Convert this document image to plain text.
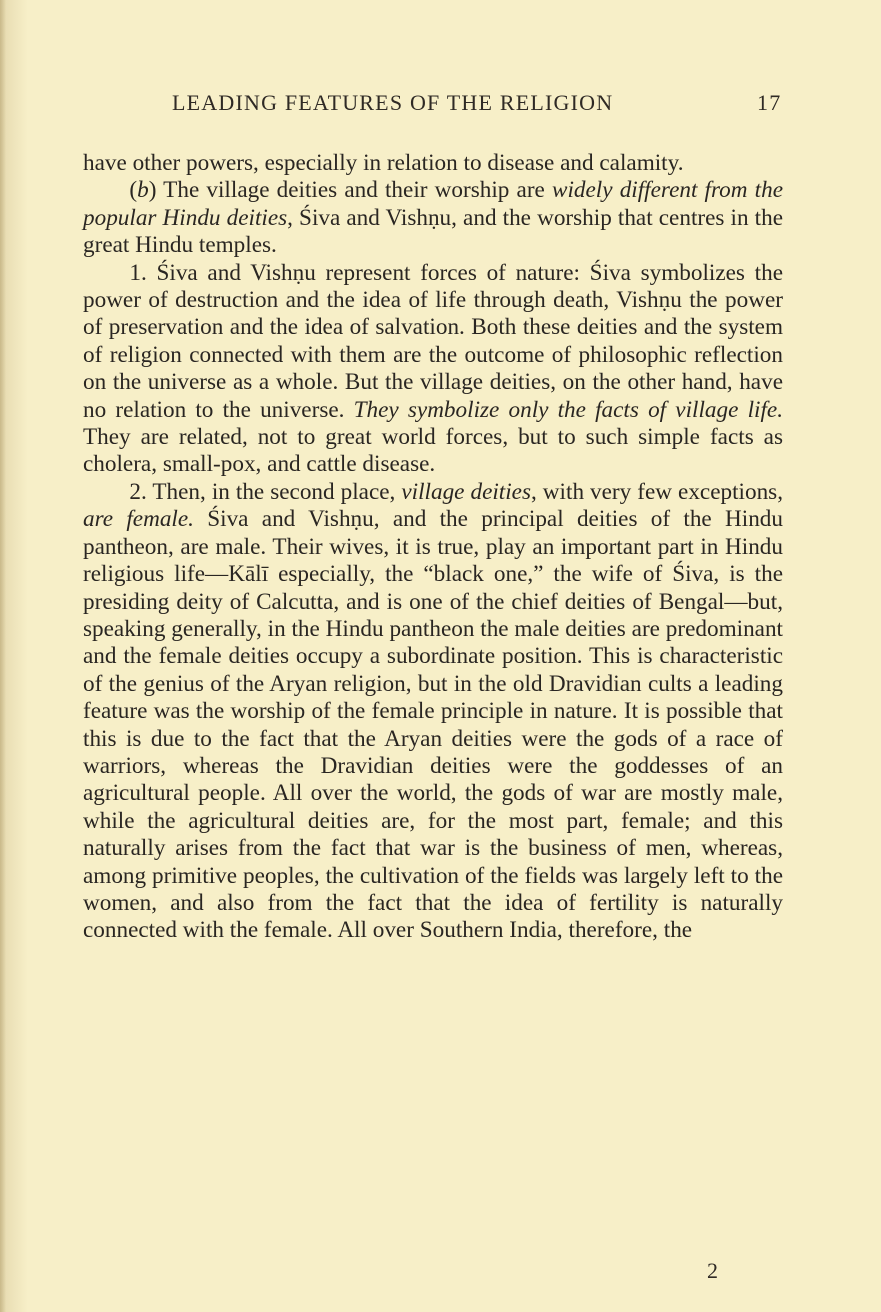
LEADING FEATURES OF THE RELIGION	17

have other powers, especially in relation to disease and calamity.

(b) The village deities and their worship are widely different from the popular Hindu deities, Śiva and Vishṇu, and the worship that centres in the great Hindu temples.

1. Śiva and Vishṇu represent forces of nature: Śiva symbolizes the power of destruction and the idea of life through death, Vishṇu the power of preservation and the idea of salvation. Both these deities and the system of religion connected with them are the outcome of philosophic reflection on the universe as a whole. But the village deities, on the other hand, have no relation to the universe. They symbolize only the facts of village life. They are related, not to great world forces, but to such simple facts as cholera, small-pox, and cattle disease.

2. Then, in the second place, village deities, with very few exceptions, are female. Śiva and Vishṇu, and the principal deities of the Hindu pantheon, are male. Their wives, it is true, play an important part in Hindu religious life—Kālī especially, the “black one,” the wife of Śiva, is the presiding deity of Calcutta, and is one of the chief deities of Bengal—but, speaking generally, in the Hindu pantheon the male deities are predominant and the female deities occupy a subordinate position. This is characteristic of the genius of the Aryan religion, but in the old Dravidian cults a leading feature was the worship of the female principle in nature. It is possible that this is due to the fact that the Aryan deities were the gods of a race of warriors, whereas the Dravidian deities were the goddesses of an agricultural people. All over the world, the gods of war are mostly male, while the agricultural deities are, for the most part, female; and this naturally arises from the fact that war is the business of men, whereas, among primitive peoples, the cultivation of the fields was largely left to the women, and also from the fact that the idea of fertility is naturally connected with the female. All over Southern India, therefore, the

2
